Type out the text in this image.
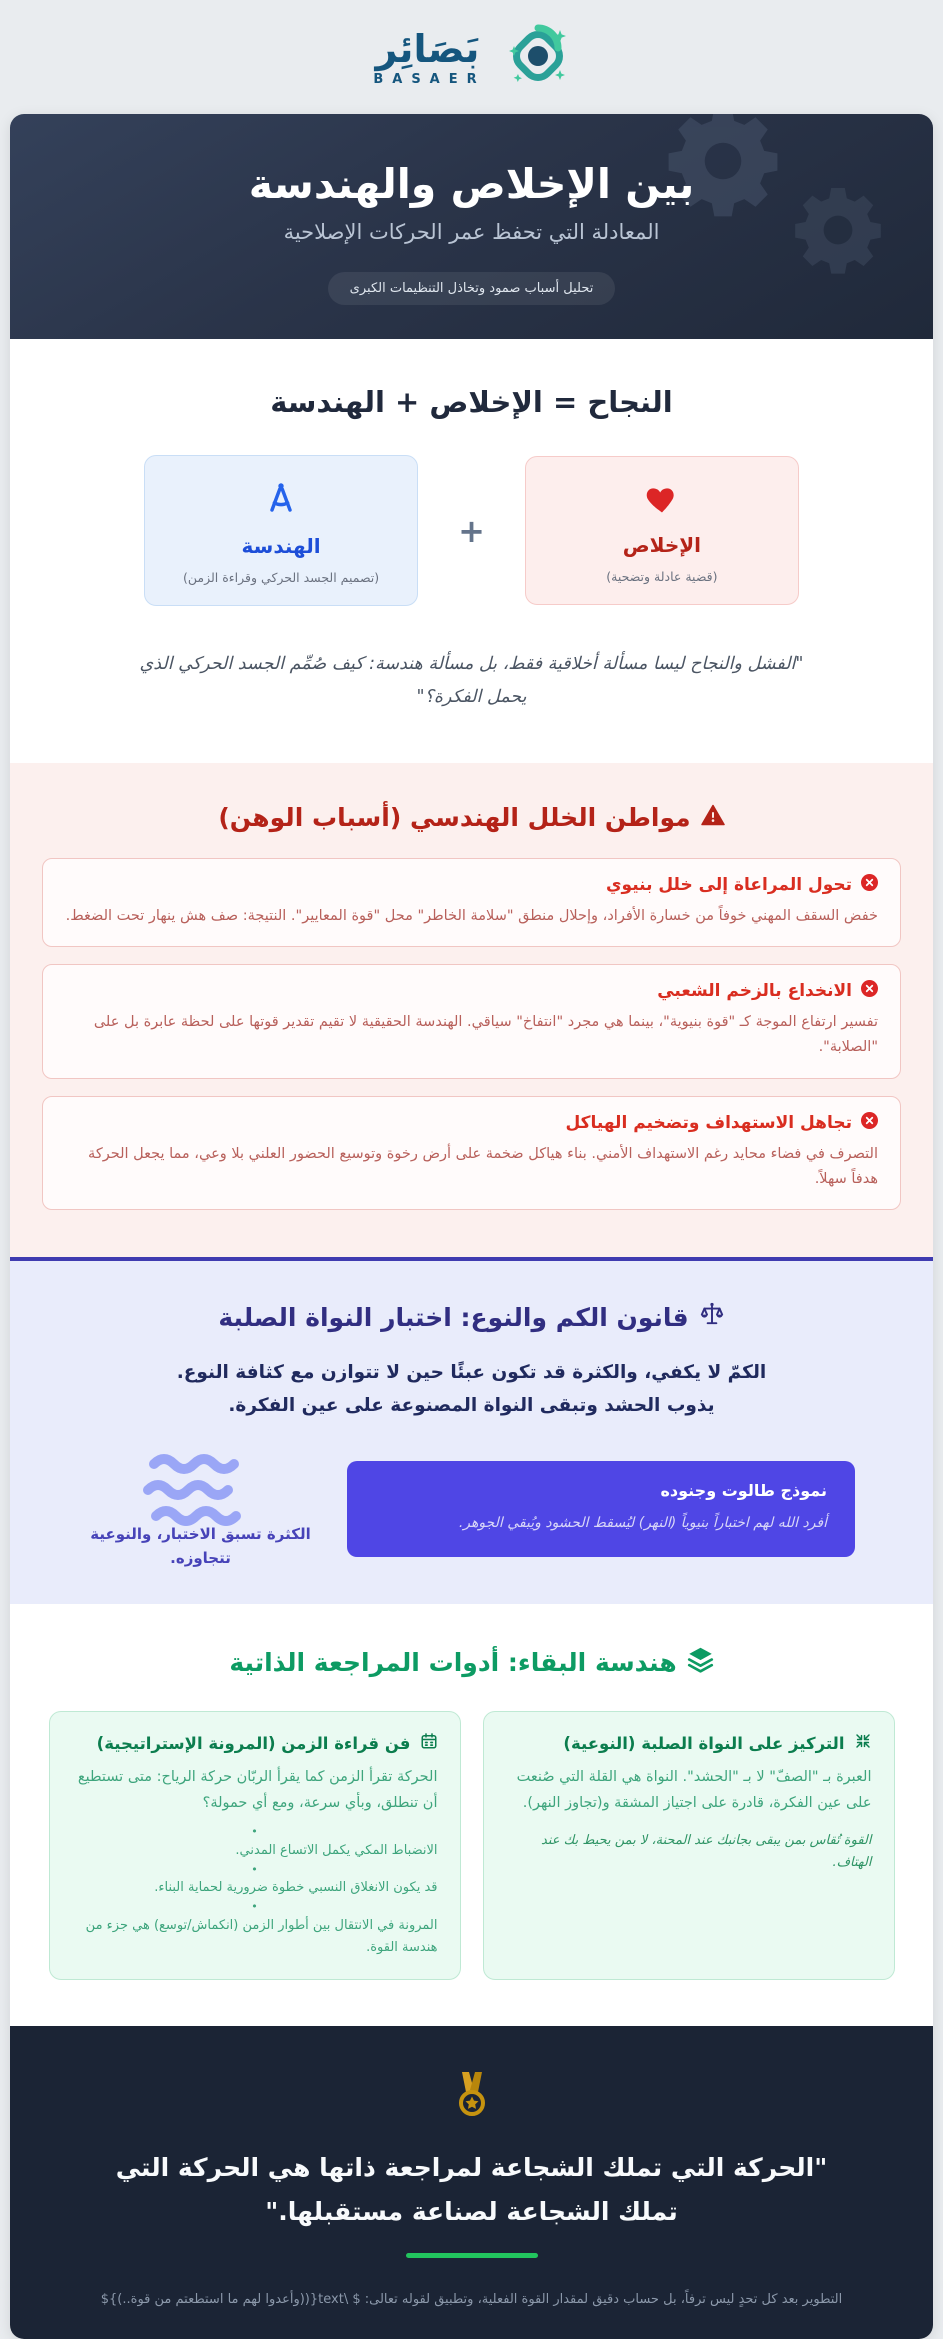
بَصَائِر
BASAER
بين الإخلاص والهندسة
المعادلة التي تحفظ عمر الحركات الإصلاحية
تحليل أسباب صمود وتخاذل التنظيمات الكبرى
النجاح = الإخلاص + الهندسة
الإخلاص
(قضية عادلة وتضحية)
+
الهندسة
(تصميم الجسد الحركي وقراءة الزمن)
"الفشل والنجاح ليسا مسألة أخلاقية فقط، بل مسألة هندسة: كيف صُمِّم الجسد الحركي الذي يحمل الفكرة؟"
مواطن الخلل الهندسي (أسباب الوهن)
تحول المراعاة إلى خلل بنيوي
خفض السقف المهني خوفاً من خسارة الأفراد، وإحلال منطق "سلامة الخاطر" محل "قوة المعايير". النتيجة: صف هش ينهار تحت الضغط.
الانخداع بالزخم الشعبي
تفسير ارتفاع الموجة كـ "قوة بنيوية"، بينما هي مجرد "انتفاخ" سياقي. الهندسة الحقيقية لا تقيم تقدير قوتها على لحظة عابرة بل على "الصلابة".
تجاهل الاستهداف وتضخيم الهياكل
التصرف في فضاء محايد رغم الاستهداف الأمني. بناء هياكل ضخمة على أرض رخوة وتوسيع الحضور العلني بلا وعي، مما يجعل الحركة هدفاً سهلاً.
قانون الكم والنوع: اختبار النواة الصلبة
الكمّ لا يكفي، والكثرة قد تكون عبئًا حين لا تتوازن مع كثافة النوع. يذوب الحشد وتبقى النواة المصنوعة على عين الفكرة.
نموذج طالوت وجنوده
أفرد الله لهم اختباراً بنيوياً (النهر) ليُسقط الحشود ويُبقي الجوهر.
الكثرة تسبق الاختبار، والنوعية تتجاوزه.
هندسة البقاء: أدوات المراجعة الذاتية
التركيز على النواة الصلبة (النوعية)
العبرة بـ "الصفّ" لا بـ "الحشد". النواة هي القلة التي صُنعت على عين الفكرة، قادرة على اجتياز المشقة و(تجاوز النهر).
القوة تُقاس بمن يبقى بجانبك عند المحنة، لا بمن يحيط بك عند الهتاف.
فن قراءة الزمن (المرونة الإستراتيجية)
الحركة تقرأ الزمن كما يقرأ الربّان حركة الرياح: متى تستطيع أن تنطلق، وبأي سرعة، ومع أي حمولة؟
•
الانضباط المكي يكمل الاتساع المدني.
•
قد يكون الانغلاق النسبي خطوة ضرورية لحماية البناء.
•
المرونة في الانتقال بين أطوار الزمن (انكماش/توسع) هي جزء من هندسة القوة.
"الحركة التي تملك الشجاعة لمراجعة ذاتها هي الحركة التي تملك الشجاعة لصناعة مستقبلها."
التطوير بعد كل تحدٍ ليس ترفاً، بل حساب دقيق لمقدار القوة الفعلية، وتطبيق لقوله تعالى: $ \text{((وأعدوا لهم ما استطعتم من قوة..)}$
